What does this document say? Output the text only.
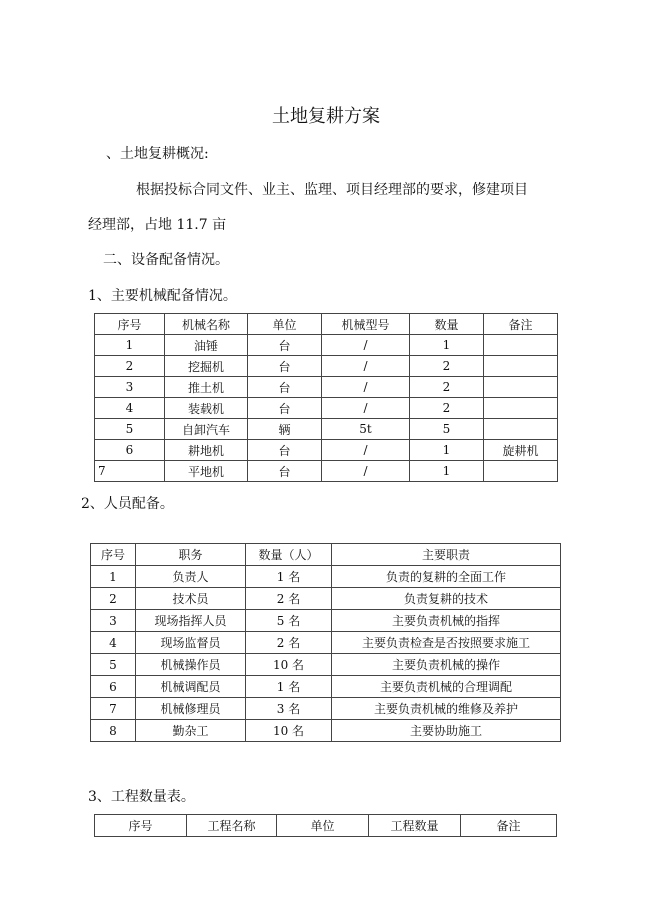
土地复耕方案
、土地复耕概况:
根据投标合同文件、业主、监理、项目经理部的要求，修建项目
经理部，占地 11.7 亩
二、设备配备情况。
1、主要机械配备情况。
序号	机械名称	单位	机械型号	数量	备注
1	油锤	台	/	1	
2	挖掘机	台	/	2	
3	推土机	台	/	2	
4	装载机	台	/	2	
5	自卸汽车	辆	5t	5	
6	耕地机	台	/	1	旋耕机
7	平地机	台	/	1	
2、人员配备。
序号	职务	数量（人）	主要职责
1	负责人	1 名	负责的复耕的全面工作
2	技术员	2 名	负责复耕的技术
3	现场指挥人员	5 名	主要负责机械的指挥
4	现场监督员	2 名	主要负责检查是否按照要求施工
5	机械操作员	10 名	主要负责机械的操作
6	机械调配员	1 名	主要负责机械的合理调配
7	机械修理员	3 名	主要负责机械的维修及养护
8	勤杂工	10 名	主要协助施工
3、工程数量表。
序号	工程名称	单位	工程数量	备注
